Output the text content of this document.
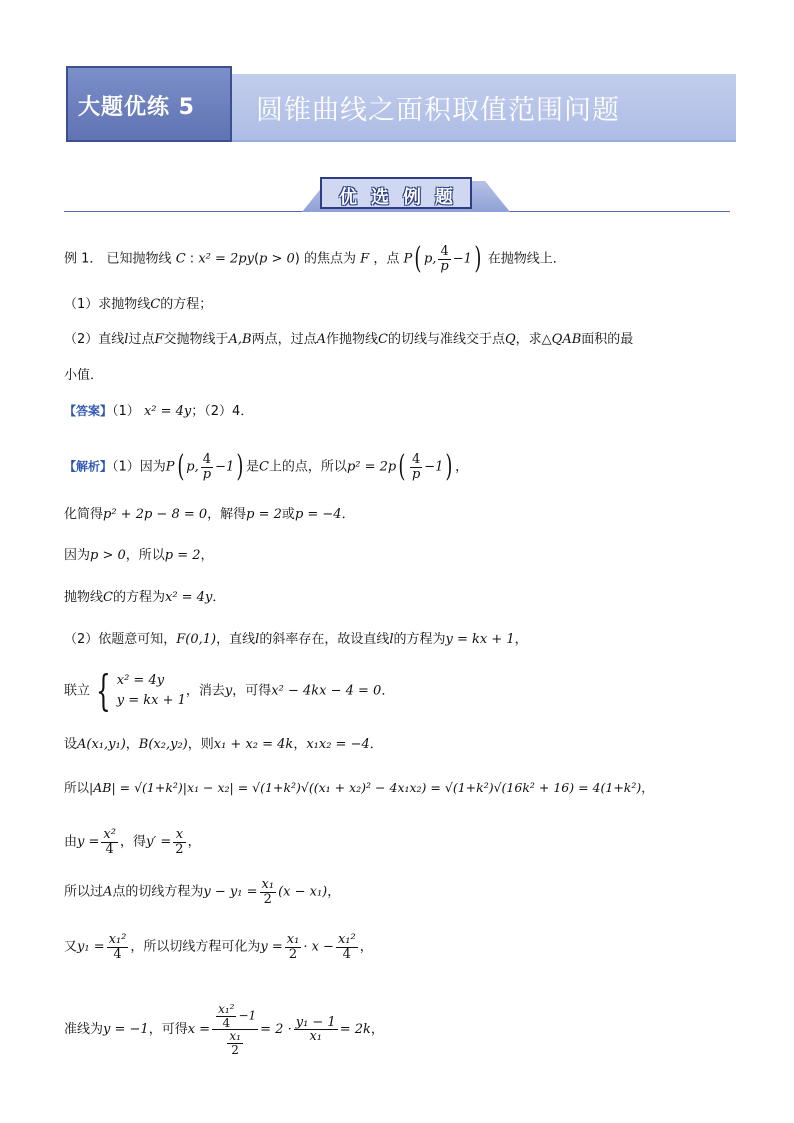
大题优练 5 圆锥曲线之面积取值范围问题
优选例题
例 1． 已知抛物线 C : x² = 2py(p > 0) 的焦点为 F ，点 P( p, $\frac{4}{p} -1$) 在抛物线上．
（1）求抛物线C的方程；
（2）直线l过点F交抛物线于A,B两点，过点A作抛物线C的切线与准线交于点Q，求△QAB面积的最
小值．
【答案】（1） x² = 4y；（2）4．
【解析】（1）因为P( p, $\frac{4}{p} -1$) 是C上的点，所以$p^2 = 2p( \frac{4}{p} -1)$ ，
化简得p² + 2p − 8 = 0，解得p = 2或p = −4．
因为p > 0，所以p = 2，
抛物线C的方程为x² = 4y．
（2）依题意可知，F(0,1)，直线l的斜率存在，故设直线l的方程为y = kx + 1，
联立 { x² = 4y
y = kx + 1
，消去y，可得x² − 4kx − 4 = 0．
设A(x₁,y₁)，B(x₂,y₂)，则x₁ + x₂ = 4k，x₁x₂ = −4．
所以|AB| = √(1+k²)|x₁ − x₂| = √(1+k²)√((x₁ + x₂)² − 4x₁x₂) = √(1+k²)√(16k² + 16) = 4(1+k²)，
由$y = \frac{\text{x²}}{4}$ ，得$y' = \frac{x}{2}$ ，
所以过A点的切线方程为$y - y_1 = \frac{\text{x₁}}{2} (x - x_1)$，
又$y_1 = \frac{\text{x₁²}}{4}$ ，所以切线方程可化为$y = \frac{\text{x₁}}{2} \cdot x - \frac{\text{x₁²}}{4}$ ，
准线为y = −1，可得$x = \frac{\frac{\text{x₁²}}{4} -1}{\frac{\text{x₁}}{2}} = 2 \cdot \frac{\text{y₁ − 1}}{\text{x₁}} = 2k$，
